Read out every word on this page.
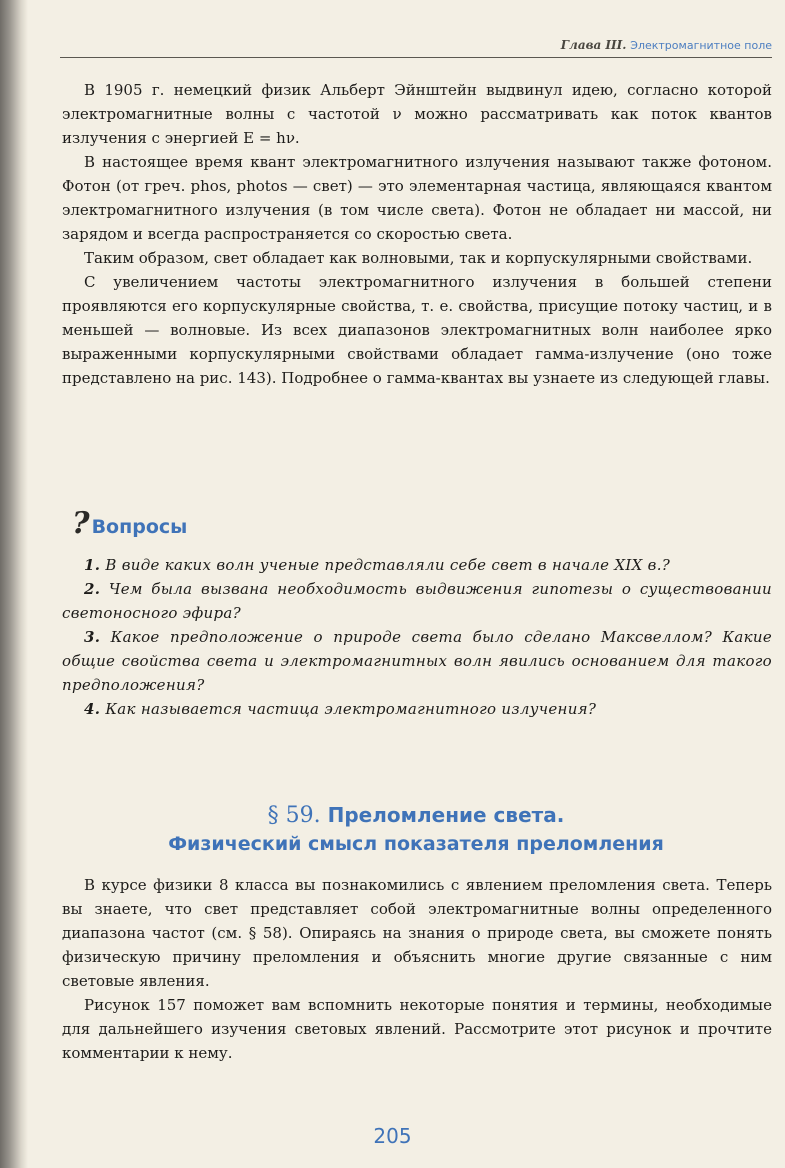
Глава III. Электромагнитное поле

В 1905 г. немецкий физик Альберт Эйнштейн выдвинул идею, согласно которой электромагнитные волны с частотой ν можно рассматривать как поток квантов излучения с энергией E = hν.

В настоящее время квант электромагнитного излучения называют также фотоном. Фотон (от греч. phos, photos — свет) — это элементарная частица, являющаяся квантом электромагнитного излучения (в том числе света). Фотон не обладает ни массой, ни зарядом и всегда распространяется со скоростью света.

Таким образом, свет обладает как волновыми, так и корпускулярными свойствами.

С увеличением частоты электромагнитного излучения в большей степени проявляются его корпускулярные свойства, т. е. свойства, присущие потоку частиц, и в меньшей — волновые. Из всех диапазонов электромагнитных волн наиболее ярко выраженными корпускулярными свойствами обладает гамма-излучение (оно тоже представлено на рис. 143). Подробнее о гамма-квантах вы узнаете из следующей главы.

? Вопросы

1. В виде каких волн ученые представляли себе свет в начале XIX в.?

2. Чем была вызвана необходимость выдвижения гипотезы о существовании светоносного эфира?

3. Какое предположение о природе света было сделано Максвеллом? Какие общие свойства света и электромагнитных волн явились основанием для такого предположения?

4. Как называется частица электромагнитного излучения?

§ 59. Преломление света.
Физический смысл показателя преломления

В курсе физики 8 класса вы познакомились с явлением преломления света. Теперь вы знаете, что свет представляет собой электромагнитные волны определенного диапазона частот (см. § 58). Опираясь на знания о природе света, вы сможете понять физическую причину преломления и объяснить многие другие связанные с ним световые явления.

Рисунок 157 поможет вам вспомнить некоторые понятия и термины, необходимые для дальнейшего изучения световых явлений. Рассмотрите этот рисунок и прочтите комментарии к нему.

205
